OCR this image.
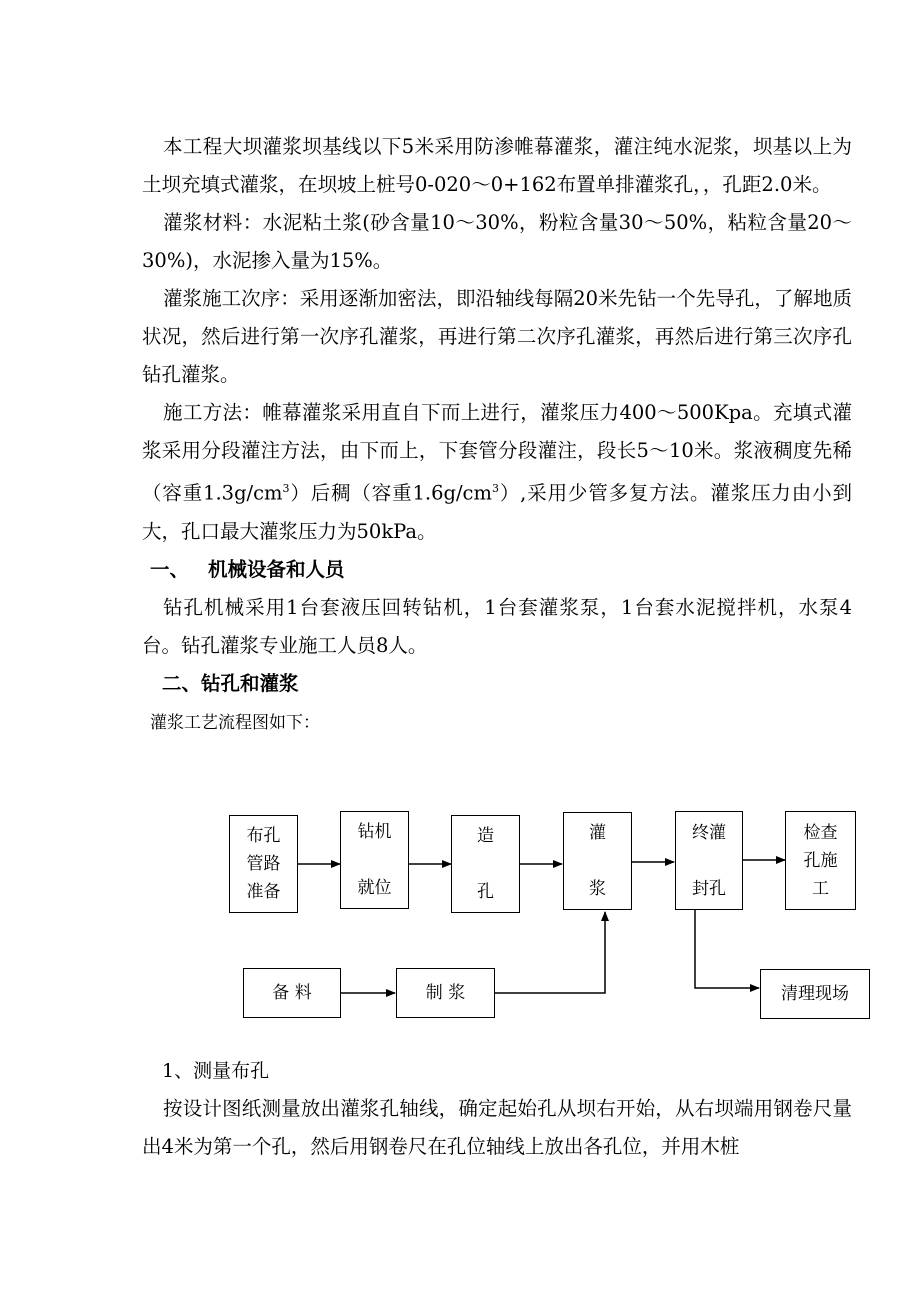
本工程大坝灌浆坝基线以下5米采用防渗帷幕灌浆，灌注纯水泥浆，坝基以上为土坝充填式灌浆，在坝坡上桩号0-020～0+162布置单排灌浆孔，，孔距2.0米。

灌浆材料：水泥粘土浆(砂含量10～30%，粉粒含量30～50%，粘粒含量20～30%)，水泥掺入量为15%。

灌浆施工次序：采用逐渐加密法，即沿轴线每隔20米先钻一个先导孔，了解地质状况，然后进行第一次序孔灌浆，再进行第二次序孔灌浆，再然后进行第三次序孔钻孔灌浆。

施工方法：帷幕灌浆采用直自下而上进行，灌浆压力400～500Kpa。充填式灌浆采用分段灌注方法，由下而上，下套管分段灌注，段长5～10米。浆液稠度先稀（容重$1.3g/cm^3$）后稠（容重$1.6g/cm^3$）,采用少管多复方法。灌浆压力由小到大，孔口最大灌浆压力为50kPa。

一、 机械设备和人员

钻孔机械采用1台套液压回转钻机，1台套灌浆泵，1台套水泥搅拌机，水泵4台。钻孔灌浆专业施工人员8人。

二、钻孔和灌浆

灌浆工艺流程图如下：

布孔
管路
准备
钻机

就位
造

孔
灌

浆
终灌

封孔
检查
孔施
工
备 料	制 浆	清理现场

1、测量布孔

按设计图纸测量放出灌浆孔轴线，确定起始孔从坝右开始，从右坝端用钢卷尺量出4米为第一个孔，然后用钢卷尺在孔位轴线上放出各孔位，并用木桩
